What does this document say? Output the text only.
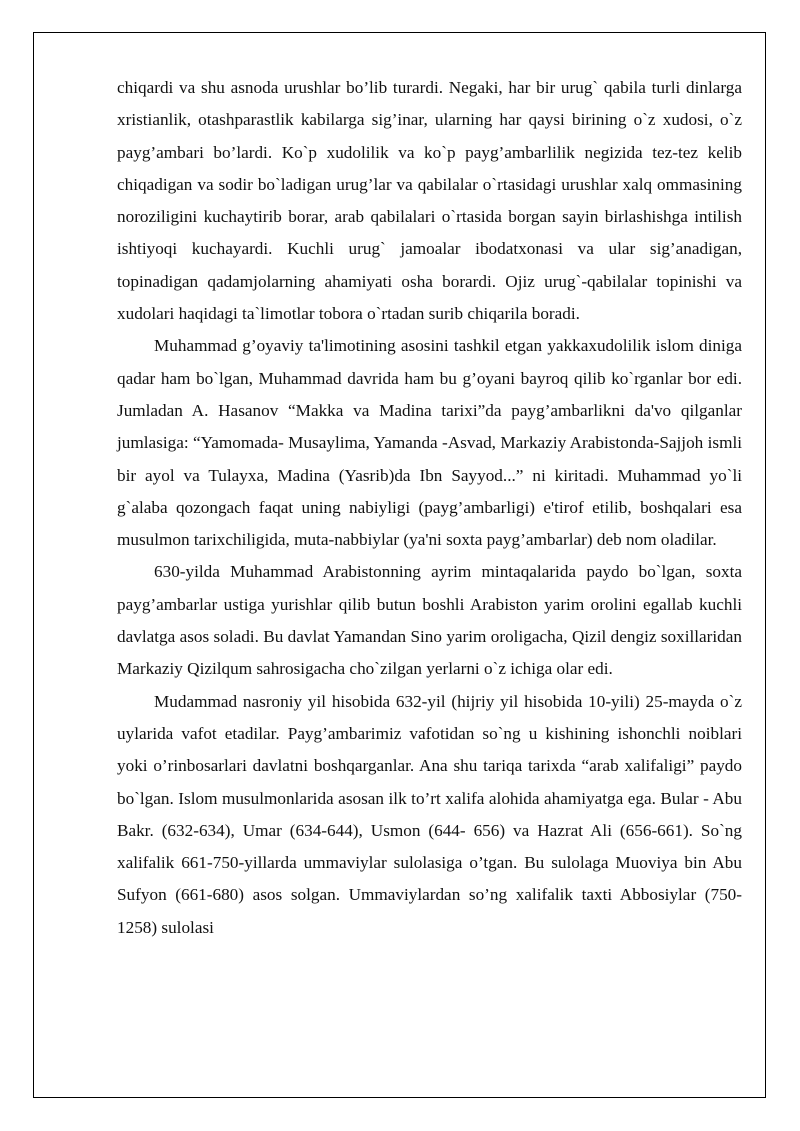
chiqardi va shu asnoda urushlar bo’lib turardi. Negaki, har bir urug` qabila turli dinlarga xristianlik, otashparastlik kabilarga sig’inar, ularning har qaysi birining o`z xudosi, o`z payg’ambari bo’lardi. Ko`p xudolilik va ko`p payg’ambarlilik negizida tez-tez kelib chiqadigan va sodir bo`ladigan urug’lar va qabilalar o`rtasidagi urushlar xalq ommasining noroziligini kuchaytirib borar, arab qabilalari o`rtasida borgan sayin birlashishga intilish ishtiyoqi kuchayardi. Kuchli urug` jamoalar ibodatxonasi va ular sig’anadigan, topinadigan qadamjolarning ahamiyati osha borardi. Ojiz urug`-qabilalar topinishi va xudolari haqidagi ta`limotlar tobora o`rtadan surib chiqarila boradi.

Muhammad g’oyaviy ta'limotining asosini tashkil etgan yakkaxudolilik islom diniga qadar ham bo`lgan, Muhammad davrida ham bu g’oyani bayroq qilib ko`rganlar bor edi. Jumladan A. Hasanov “Makka va Madina tarixi”da payg’ambarlikni da'vo qilganlar jumlasiga: “Yamomada- Musaylima, Yamanda -Asvad, Markaziy Arabistonda-Sajjoh ismli bir ayol va Tulayxa, Madina (Yasrib)da Ibn Sayyod...” ni kiritadi. Muhammad yo`li g`alaba qozongach faqat uning nabiyligi (payg’ambarligi) e'tirof etilib, boshqalari esa musulmon tarixchiligida, muta-nabbiylar (ya'ni soxta payg’ambarlar) deb nom oladilar.

630-yilda Muhammad Arabistonning ayrim mintaqalarida paydo bo`lgan, soxta payg’ambarlar ustiga yurishlar qilib butun boshli Arabiston yarim orolini egallab kuchli davlatga asos soladi. Bu davlat Yamandan Sino yarim oroligacha, Qizil dengiz soxillaridan Markaziy Qizilqum sahrosigacha cho`zilgan yerlarni o`z ichiga olar edi.

Mudammad nasroniy yil hisobida 632-yil (hijriy yil hisobida 10-yili) 25-mayda o`z uylarida vafot etadilar. Payg’ambarimiz vafotidan so`ng u kishining ishonchli noiblari yoki o’rinbosarlari davlatni boshqarganlar. Ana shu tariqa tarixda “arab xalifaligi” paydo bo`lgan. Islom musulmonlarida asosan ilk to’rt xalifa alohida ahamiyatga ega. Bular - Abu Bakr. (632-634), Umar (634-644), Usmon (644- 656) va Hazrat Ali (656-661). So`ng xalifalik 661-750-yillarda ummaviylar sulolasiga o’tgan. Bu sulolaga Muoviya bin Abu Sufyon (661-680) asos solgan. Ummaviylardan so’ng xalifalik taxti Abbosiylar (750-1258) sulolasi
